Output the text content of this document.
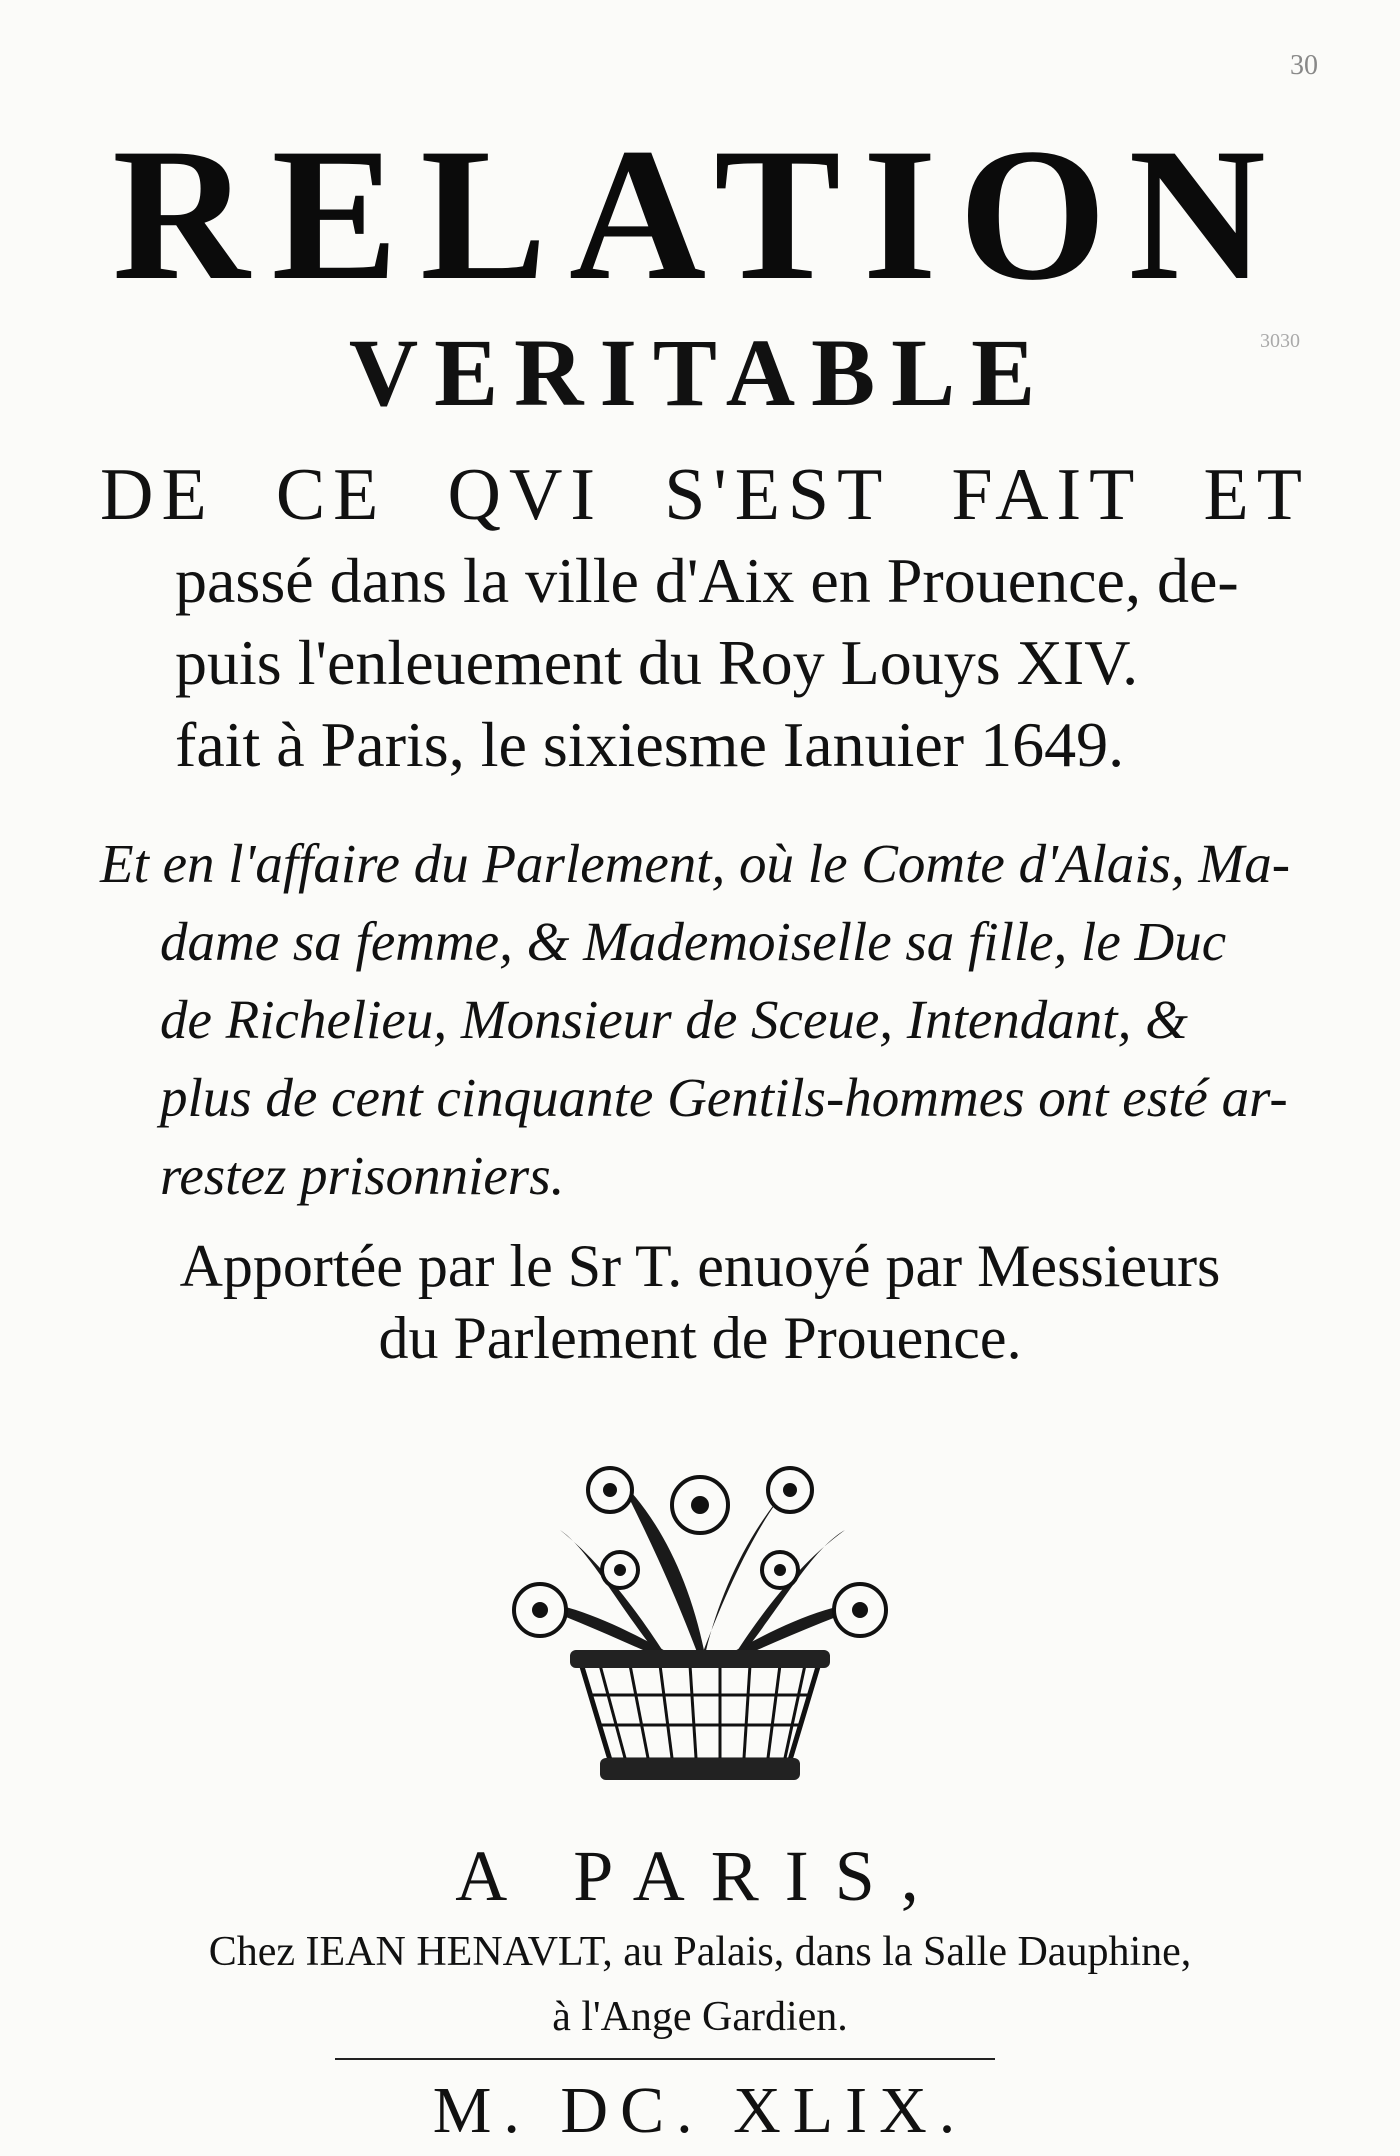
30
3030
RELATION
VERITABLE
DE CE QVI S'EST FAIT ET
passé dans la ville d'Aix en Prouence, de-
puis l'enleuement du Roy Louys XIV.
fait à Paris, le sixiesme Ianuier 1649.
Et en l'affaire du Parlement, où le Comte d'Alais, Ma-
dame sa femme, & Mademoiselle sa fille, le Duc
de Richelieu, Monsieur de Sceue, Intendant, &
plus de cent cinquante Gentils-hommes ont esté ar-
restez prisonniers.
Apportée par le Sr T. enuoyé par Messieurs
du Parlement de Prouence.
A PARIS,
Chez IEAN HENAVLT, au Palais, dans la Salle Dauphine,
à l'Ange Gardien.
M. DC. XLIX.
